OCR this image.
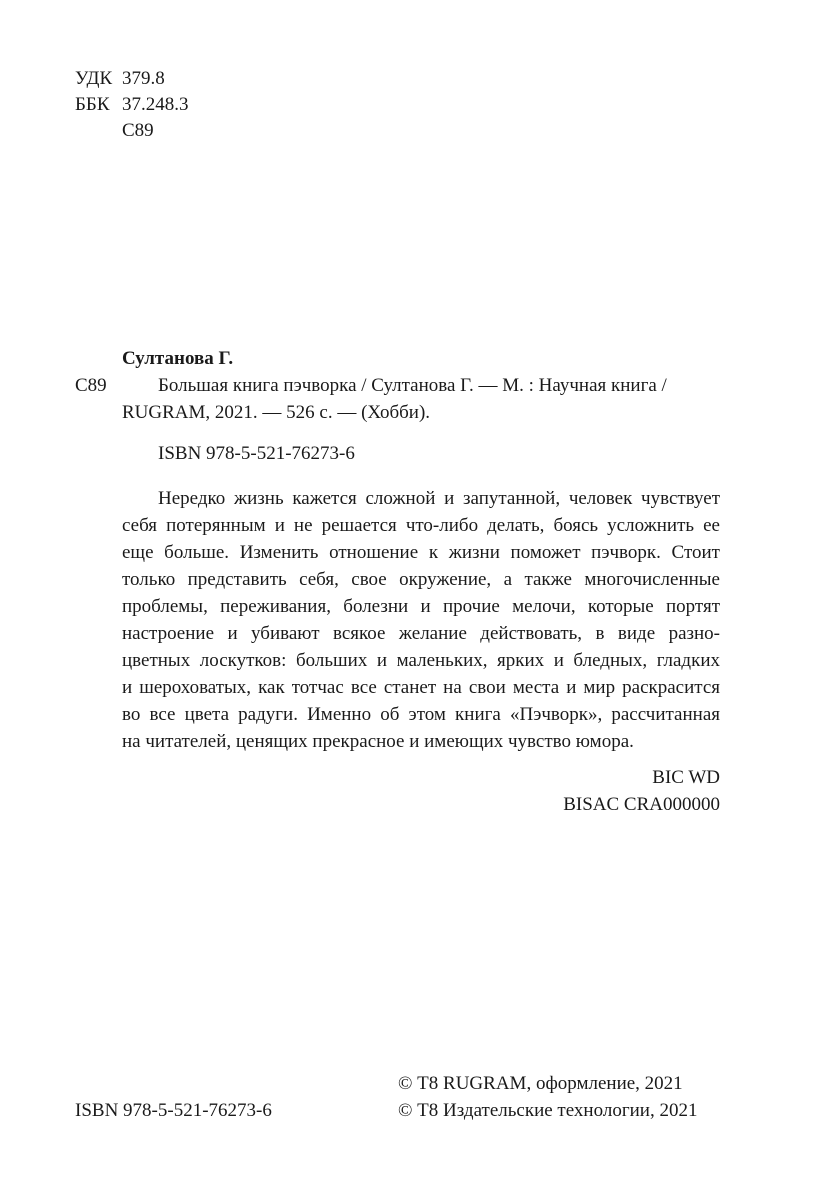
УДК 379.8
ББК 37.248.3
С89
Султанова Г.
С89	Большая книга пэчворка / Султанова Г. — М. : Научная книга /
RUGRAM, 2021. — 526 с. — (Хобби).
ISBN 978-5-521-76273-6
Нередко жизнь кажется сложной и запутанной, человек чувствует
себя потерянным и не решается что-либо делать, боясь усложнить ее
еще больше. Изменить отношение к жизни поможет пэчворк. Стоит
только представить себя, свое окружение, а также многочисленные
проблемы, переживания, болезни и прочие мелочи, которые портят
настроение и убивают всякое желание действовать, в виде разно-
цветных лоскутков: больших и маленьких, ярких и бледных, гладких
и шероховатых, как тотчас все станет на свои места и мир раскрасится
во все цвета радуги. Именно об этом книга «Пэчворк», рассчитанная
на читателей, ценящих прекрасное и имеющих чувство юмора.
BIC WD
BISAC CRA000000
© Т8 RUGRAM, оформление, 2021
ISBN 978-5-521-76273-6	© Т8 Издательские технологии, 2021
